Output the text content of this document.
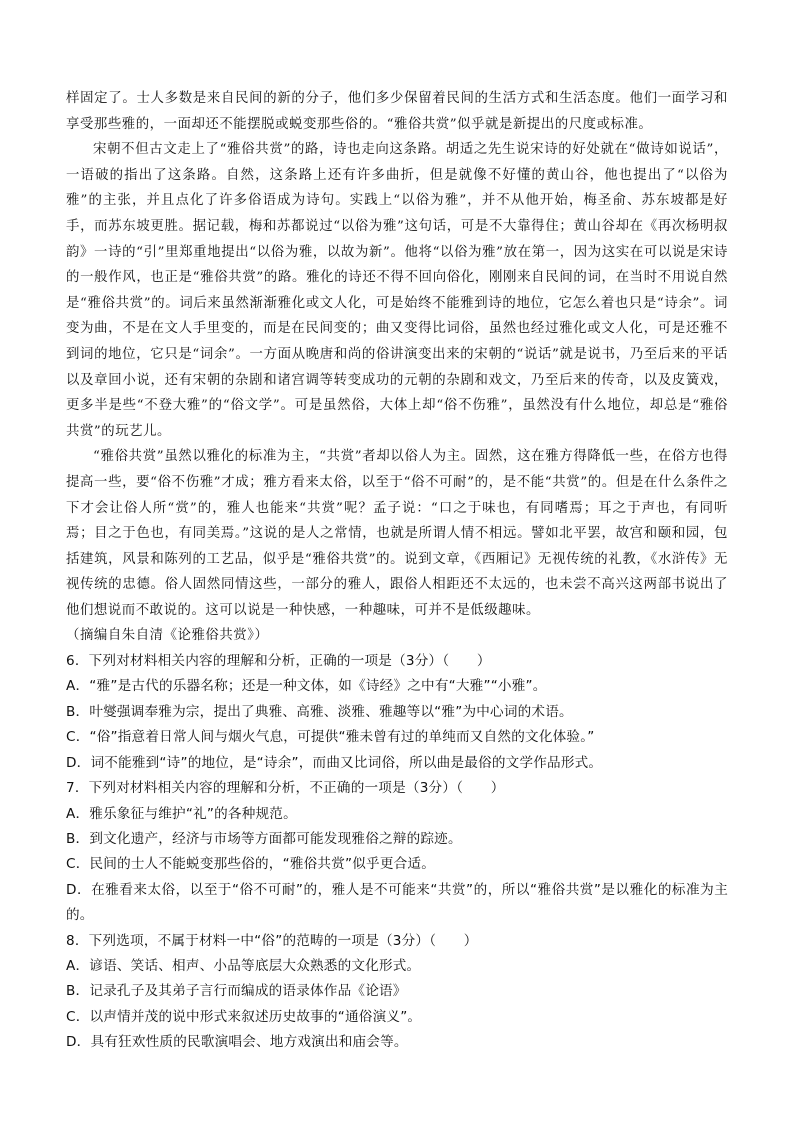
样固定了。士人多数是来自民间的新的分子，他们多少保留着民间的生活方式和生活态度。他们一面学习和享受那些雅的，一面却还不能摆脱或蜕变那些俗的。“雅俗共赏”似乎就是新提出的尺度或标准。

宋朝不但古文走上了“雅俗共赏”的路，诗也走向这条路。胡适之先生说宋诗的好处就在“做诗如说话”，一语破的指出了这条路。自然，这条路上还有许多曲折，但是就像不好懂的黄山谷，他也提出了“以俗为雅”的主张，并且点化了许多俗语成为诗句。实践上“以俗为雅”，并不从他开始，梅圣俞、苏东坡都是好手，而苏东坡更胜。据记载，梅和苏都说过“以俗为雅”这句话，可是不大靠得住；黄山谷却在《再次杨明叔韵》一诗的“引”里郑重地提出“以俗为雅，以故为新”。他将“以俗为雅”放在第一，因为这实在可以说是宋诗的一般作风，也正是“雅俗共赏”的路。雅化的诗还不得不回向俗化，刚刚来自民间的词，在当时不用说自然是“雅俗共赏”的。词后来虽然渐渐雅化或文人化，可是始终不能雅到诗的地位，它怎么着也只是“诗余”。词变为曲，不是在文人手里变的，而是在民间变的；曲又变得比词俗，虽然也经过雅化或文人化，可是还雅不到词的地位，它只是“词余”。一方面从晚唐和尚的俗讲演变出来的宋朝的“说话”就是说书，乃至后来的平话以及章回小说，还有宋朝的杂剧和诸宫调等转变成功的元朝的杂剧和戏文，乃至后来的传奇，以及皮簧戏，更多半是些“不登大雅”的“俗文学”。可是虽然俗，大体上却“俗不伤雅”，虽然没有什么地位，却总是“雅俗共赏”的玩艺儿。

“雅俗共赏”虽然以雅化的标准为主，“共赏”者却以俗人为主。固然，这在雅方得降低一些，在俗方也得提高一些，要“俗不伤雅”才成；雅方看来太俗，以至于“俗不可耐”的，是不能“共赏”的。但是在什么条件之下才会让俗人所“赏”的，雅人也能来“共赏”呢？孟子说：“口之于味也，有同嗜焉；耳之于声也，有同听焉；目之于色也，有同美焉。”这说的是人之常情，也就是所谓人情不相远。譬如北平罢，故宫和颐和园，包括建筑，风景和陈列的工艺品，似乎是“雅俗共赏”的。说到文章，《西厢记》无视传统的礼教，《水浒传》无视传统的忠德。俗人固然同情这些，一部分的雅人，跟俗人相距还不太远的，也未尝不高兴这两部书说出了他们想说而不敢说的。这可以说是一种快感，一种趣味，可并不是低级趣味。

（摘编自朱自清《论雅俗共赏》）

6．下列对材料相关内容的理解和分析，正确的一项是（3分）（　　）

A．“雅”是古代的乐器名称；还是一种文体，如《诗经》之中有“大雅”“小雅”。

B．叶燮强调奉雅为宗，提出了典雅、高雅、淡雅、雅趣等以“雅”为中心词的术语。

C．“俗”指意着日常人间与烟火气息，可提供“雅未曾有过的单纯而又自然的文化体验。”

D．词不能雅到“诗”的地位，是“诗余”，而曲又比词俗，所以曲是最俗的文学作品形式。

7．下列对材料相关内容的理解和分析，不正确的一项是（3分）（　　）

A．雅乐象征与维护“礼”的各种规范。

B．到文化遗产，经济与市场等方面都可能发现雅俗之辩的踪迹。

C．民间的士人不能蜕变那些俗的，“雅俗共赏”似乎更合适。

D．在雅看来太俗，以至于“俗不可耐”的，雅人是不可能来“共赏”的，所以“雅俗共赏”是以雅化的标准为主的。

8．下列选项，不属于材料一中“俗”的范畴的一项是（3分）（　　）

A．谚语、笑话、相声、小品等底层大众熟悉的文化形式。

B．记录孔子及其弟子言行而编成的语录体作品《论语》

C．以声情并茂的说中形式来叙述历史故事的“通俗演义”。

D．具有狂欢性质的民歌演唱会、地方戏演出和庙会等。
